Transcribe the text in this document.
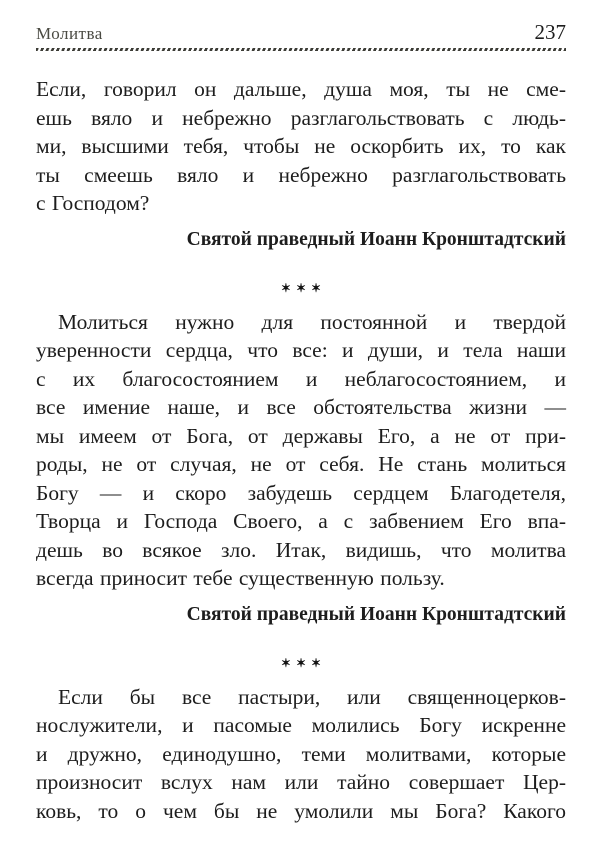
Молитва	237
Если, говорил он дальше, душа моя, ты не сме-
ешь вяло и небрежно разглагольствовать с людь-
ми, высшими тебя, чтобы не оскорбить их, то как
ты смеешь вяло и небрежно разглагольствовать
с Господом?
Святой праведный Иоанн Кронштадтский
✶✶✶
Молиться нужно для постоянной и твердой
уверенности сердца, что все: и души, и тела наши
с их благосостоянием и неблагосостоянием, и
все имение наше, и все обстоятельства жизни —
мы имеем от Бога, от державы Его, а не от при-
роды, не от случая, не от себя. Не стань молиться
Богу — и скоро забудешь сердцем Благодетеля,
Творца и Господа Своего, а с забвением Его впа-
дешь во всякое зло. Итак, видишь, что молитва
всегда приносит тебе существенную пользу.
Святой праведный Иоанн Кронштадтский
✶✶✶
Если бы все пастыри, или священноцерков-
нослужители, и пасомые молились Богу искренне
и дружно, единодушно, теми молитвами, которые
произносит вслух нам или тайно совершает Цер-
ковь, то о чем бы не умолили мы Бога? Какого
